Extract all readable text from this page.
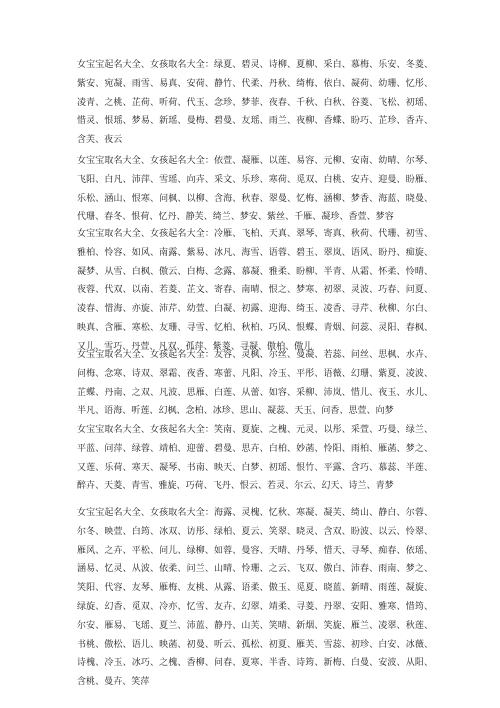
女宝宝起名大全、女孩取名大全：绿夏、碧灵、诗柳、夏柳、采白、慕梅、乐安、冬菱、紫安、宛凝、雨雪、易真、安荷、静竹、代柔、丹秋、绮梅、依白、凝荷、幼珊、忆彤、凌青、之桃、芷荷、听荷、代玉、念珍、梦菲、夜春、千秋、白秋、谷菱、飞松、初瑶、惜灵、恨瑶、梦易、新瑶、曼梅、碧曼、友瑶、雨兰、夜柳、香蝶、盼巧、芷珍、香卉、含芙、夜云
女宝宝取名大全、女孩起名大全：依萱、凝雁、以莲、易容、元柳、安南、幼晴、尔琴、飞阳、白凡、沛萍、雪瑶、向卉、采文、乐珍、寒荷、觅双、白桃、安卉、迎曼、盼雁、乐松、涵山、恨寒、问枫、以柳、含海、秋春、翠曼、忆梅、涵柳、梦香、海蓝、晓曼、代珊、春冬、恨荷、忆丹、静芙、绮兰、梦安、紫丝、千雁、凝珍、香萱、梦容
女宝宝取名大全、女孩起名大全：冷雁、飞柏、天真、翠琴、寄真、秋荷、代珊、初雪、雅柏、怜容、如风、南露、紫易、冰凡、海雪、语蓉、碧玉、翠岚、语风、盼丹、痴旋、凝梦、从雪、白枫、傲云、白梅、念露、慕凝、雅柔、盼柳、半青、从霜、怀柔、怜晴、夜蓉、代双、以南、若菱、芷文、寄春、南晴、恨之、梦寒、初翠、灵波、巧春、问夏、凌春、惜海、亦旋、沛芹、幼萱、白凝、初露、迎海、绮玉、凌香、寻芹、秋柳、尔白、映真、含雁、寒松、友珊、寻雪、忆柏、秋柏、巧风、恨蝶、青烟、问蕊、灵阳、春枫、又儿、雪巧、丹萱、凡双、孤萍、紫菱、寻凝、傲柏、傲儿
女宝宝取名大全、女孩起名大全：友容、灵枫、尔丝、曼凝、若蕊、问丝、思枫、水卉、问梅、念寒、诗双、翠霜、夜香、寒蕾、凡阳、冷玉、平彤、语薇、幻珊、紫夏、凌波、芷蝶、丹南、之双、凡波、思雁、白莲、从蕾、如容、采柳、沛岚、惜儿、夜玉、水儿、半凡、语海、听莲、幻枫、念柏、冰珍、思山、凝蕊、天玉、问香、思萱、向梦
女宝宝取名大全、女孩起名大全：笑南、夏旋、之槐、元灵、以彤、采萱、巧曼、绿兰、平蓝、问萍、绿蓉、靖柏、迎蕾、碧曼、思卉、白柏、妙菡、怜阳、雨柏、雁菡、梦之、又莲、乐荷、寒天、凝琴、书南、映天、白梦、初瑶、恨竹、平露、含巧、慕蕊、半莲、醉卉、天菱、青雪、雅旋、巧荷、飞丹、恨云、若灵、尔云、幻天、诗兰、青梦
女宝宝起名大全、女孩取名大全：海露、灵槐、忆秋、寒凝、凝芙、绮山、静白、尔蓉、尔冬、映萱、白筠、冰双、访彤、绿柏、夏云、笑翠、晓灵、含双、盼波、以云、怜翠、雁风、之卉、平松、问儿、绿柳、如蓉、曼容、天晴、丹琴、惜天、寻琴、痴春、依瑶、涵易、忆灵、从波、依柔、问兰、山晴、怜珊、之云、飞双、傲白、沛春、雨南、梦之、笑阳、代容、友琴、雁梅、友桃、从露、语柔、傲玉、觅夏、晓蓝、新晴、雨莲、凝旋、绿旋、幻香、觅双、冷亦、忆雪、友卉、幻翠、靖柔、寻菱、丹翠、安阳、雅寒、惜筠、尔安、雁易、飞瑶、夏兰、沛蓝、静丹、山芙、笑晴、新烟、笑旋、雁兰、凌翠、秋莲、书桃、傲松、语儿、映菡、初曼、听云、孤松、初夏、雁芙、雪蕊、初珍、白安、冰薇、诗槐、冷玉、冰巧、之槐、香柳、问春、夏寒、半香、诗筠、新梅、白曼、安波、从阳、含桃、曼卉、笑萍
